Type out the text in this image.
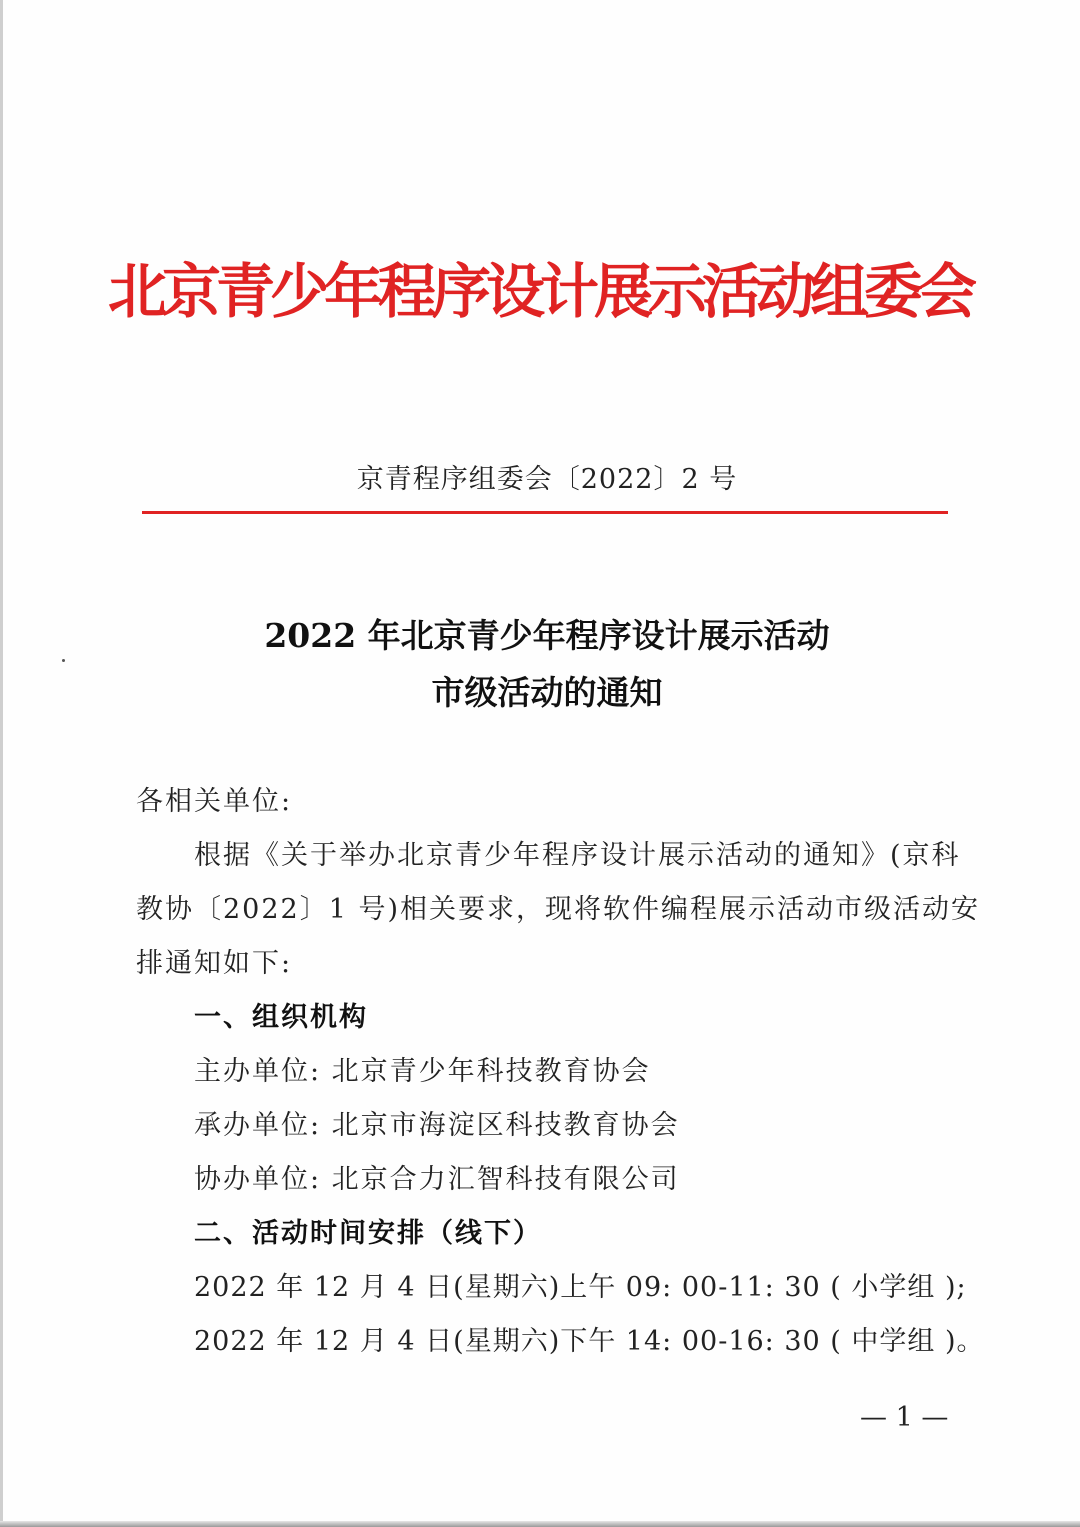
北京青少年程序设计展示活动组委会
京青程序组委会〔2022〕2 号
2022 年北京青少年程序设计展示活动
市级活动的通知
各相关单位:
根据《关于举办北京青少年程序设计展示活动的通知》(京科
教协〔2022〕1 号)相关要求，现将软件编程展示活动市级活动安
排通知如下:
一、组织机构
主办单位: 北京青少年科技教育协会
承办单位: 北京市海淀区科技教育协会
协办单位: 北京合力汇智科技有限公司
二、活动时间安排（线下）
2022 年 12 月 4 日(星期六)上午 09: 00-11: 30 ( 小学组 );
2022 年 12 月 4 日(星期六)下午 14: 00-16: 30 ( 中学组 )。
— 1 —
